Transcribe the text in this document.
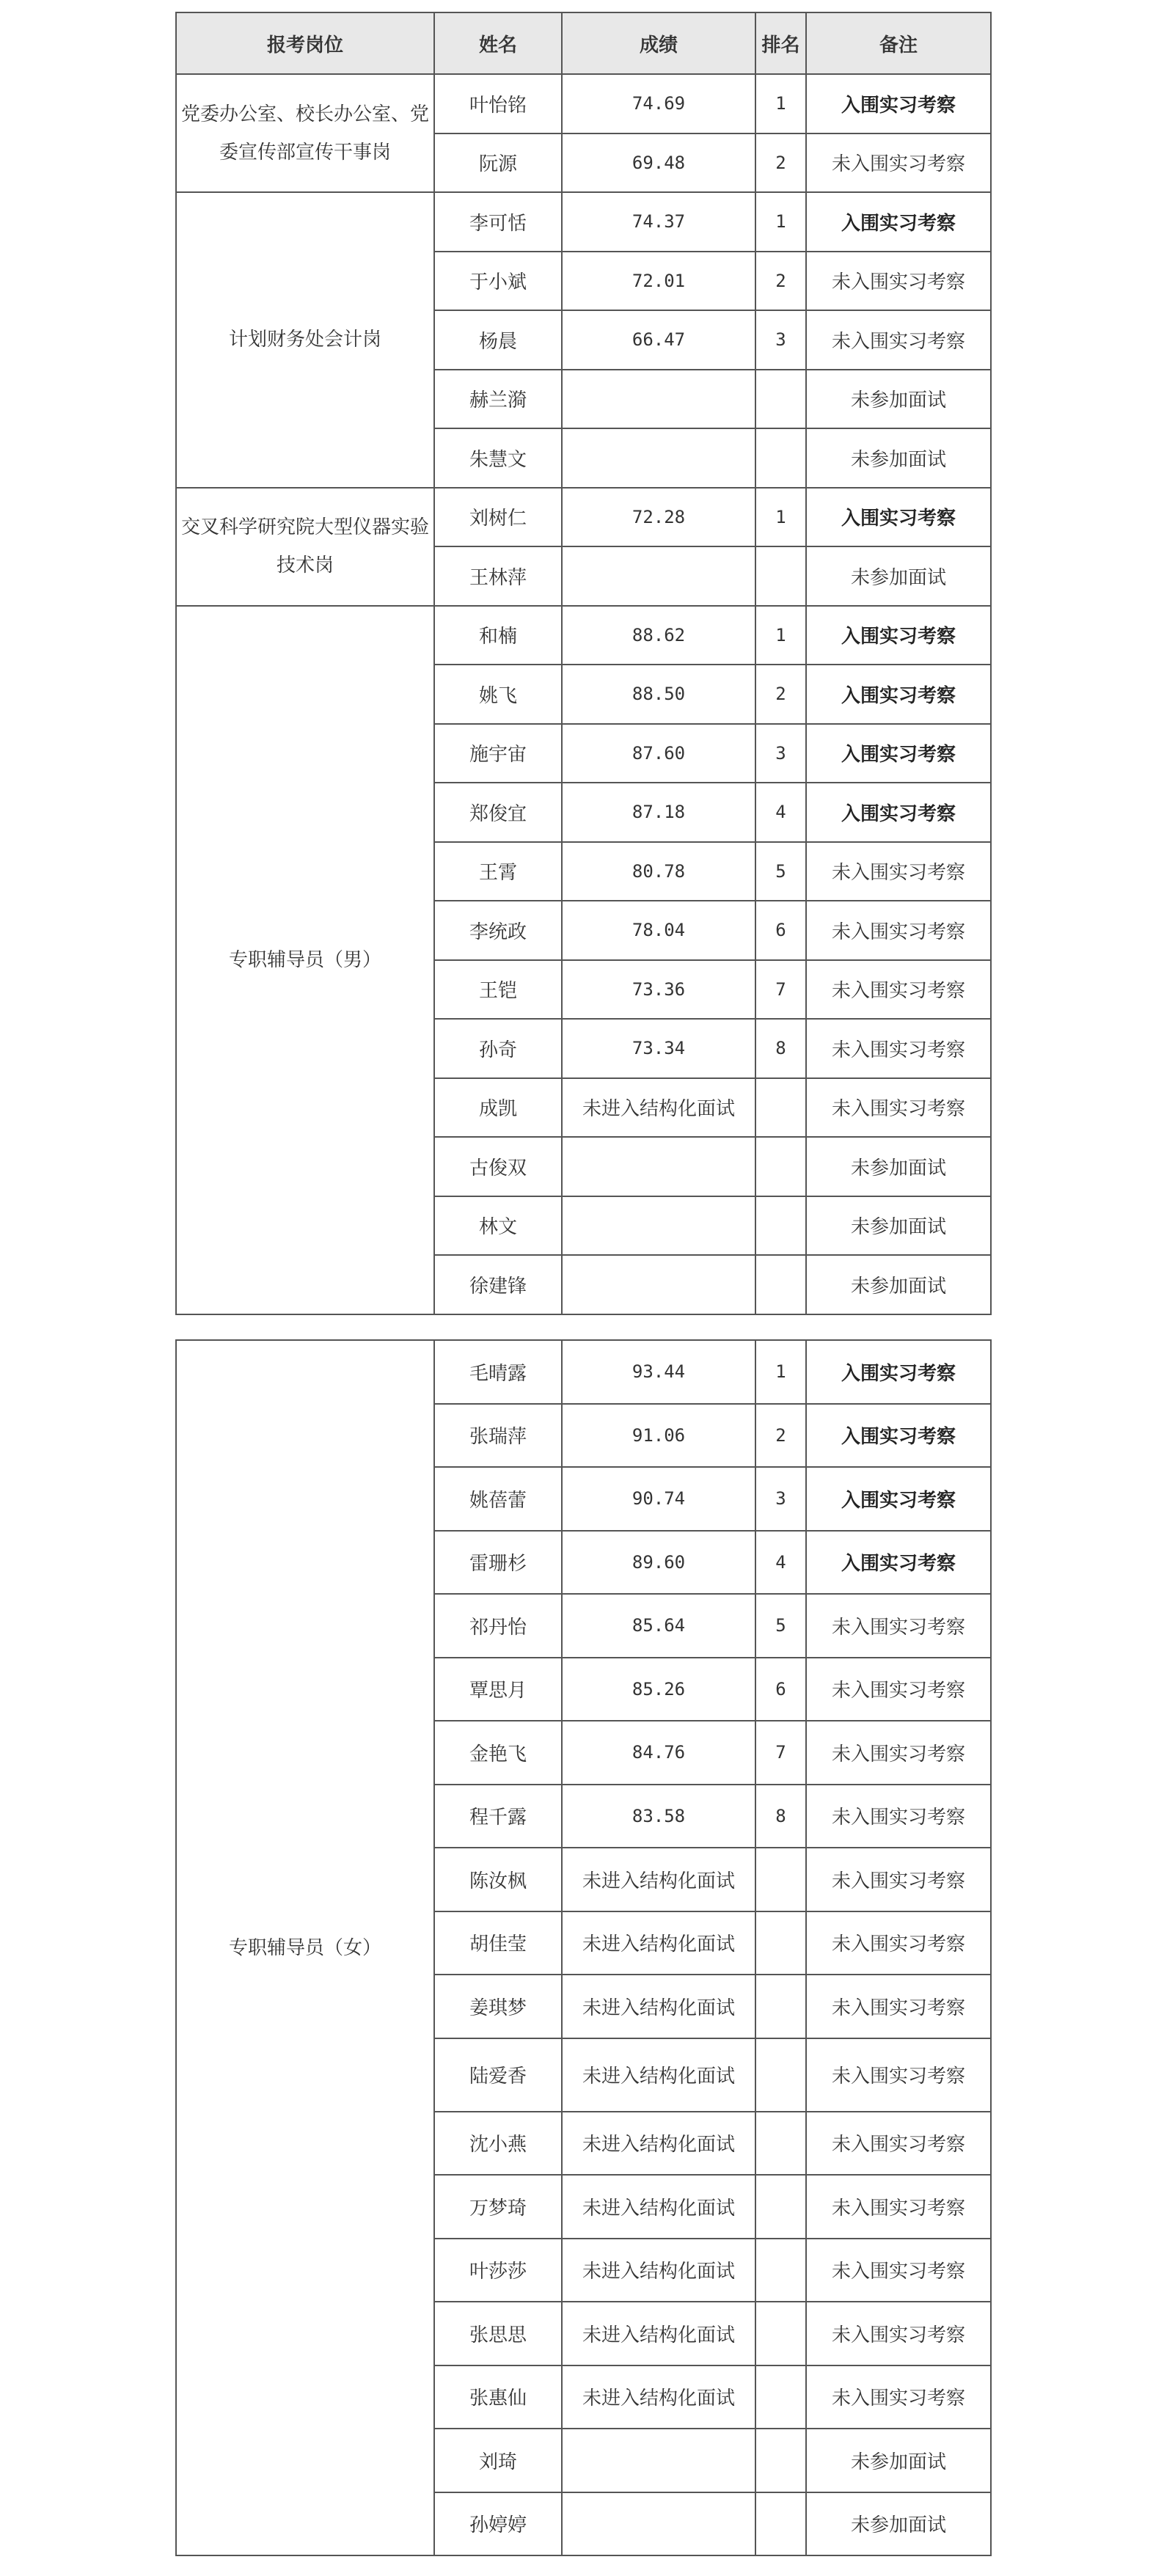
报考岗位	姓名	成绩	排名	备注
党委办公室、校长办公室、党委宣传部宣传干事岗	叶怡铭	74.69	1	入围实习考察
	阮源	69.48	2	未入围实习考察
计划财务处会计岗	李可恬	74.37	1	入围实习考察
	于小斌	72.01	2	未入围实习考察
	杨晨	66.47	3	未入围实习考察
	赫兰漪			未参加面试
	朱慧文			未参加面试
交叉科学研究院大型仪器实验技术岗	刘树仁	72.28	1	入围实习考察
	王林萍			未参加面试
专职辅导员（男）	和楠	88.62	1	入围实习考察
	姚飞	88.50	2	入围实习考察
	施宇宙	87.60	3	入围实习考察
	郑俊宜	87.18	4	入围实习考察
	王霄	80.78	5	未入围实习考察
	李统政	78.04	6	未入围实习考察
	王铠	73.36	7	未入围实习考察
	孙奇	73.34	8	未入围实习考察
	成凯	未进入结构化面试		未入围实习考察
	古俊双			未参加面试
	林文			未参加面试
	徐建锋			未参加面试
专职辅导员（女）	毛晴露	93.44	1	入围实习考察
	张瑞萍	91.06	2	入围实习考察
	姚蓓蕾	90.74	3	入围实习考察
	雷珊杉	89.60	4	入围实习考察
	祁丹怡	85.64	5	未入围实习考察
	覃思月	85.26	6	未入围实习考察
	金艳飞	84.76	7	未入围实习考察
	程千露	83.58	8	未入围实习考察
	陈汝枫	未进入结构化面试		未入围实习考察
	胡佳莹	未进入结构化面试		未入围实习考察
	姜琪梦	未进入结构化面试		未入围实习考察
	陆爱香	未进入结构化面试		未入围实习考察
	沈小燕	未进入结构化面试		未入围实习考察
	万梦琦	未进入结构化面试		未入围实习考察
	叶莎莎	未进入结构化面试		未入围实习考察
	张思思	未进入结构化面试		未入围实习考察
	张惠仙	未进入结构化面试		未入围实习考察
	刘琦			未参加面试
	孙婷婷			未参加面试
